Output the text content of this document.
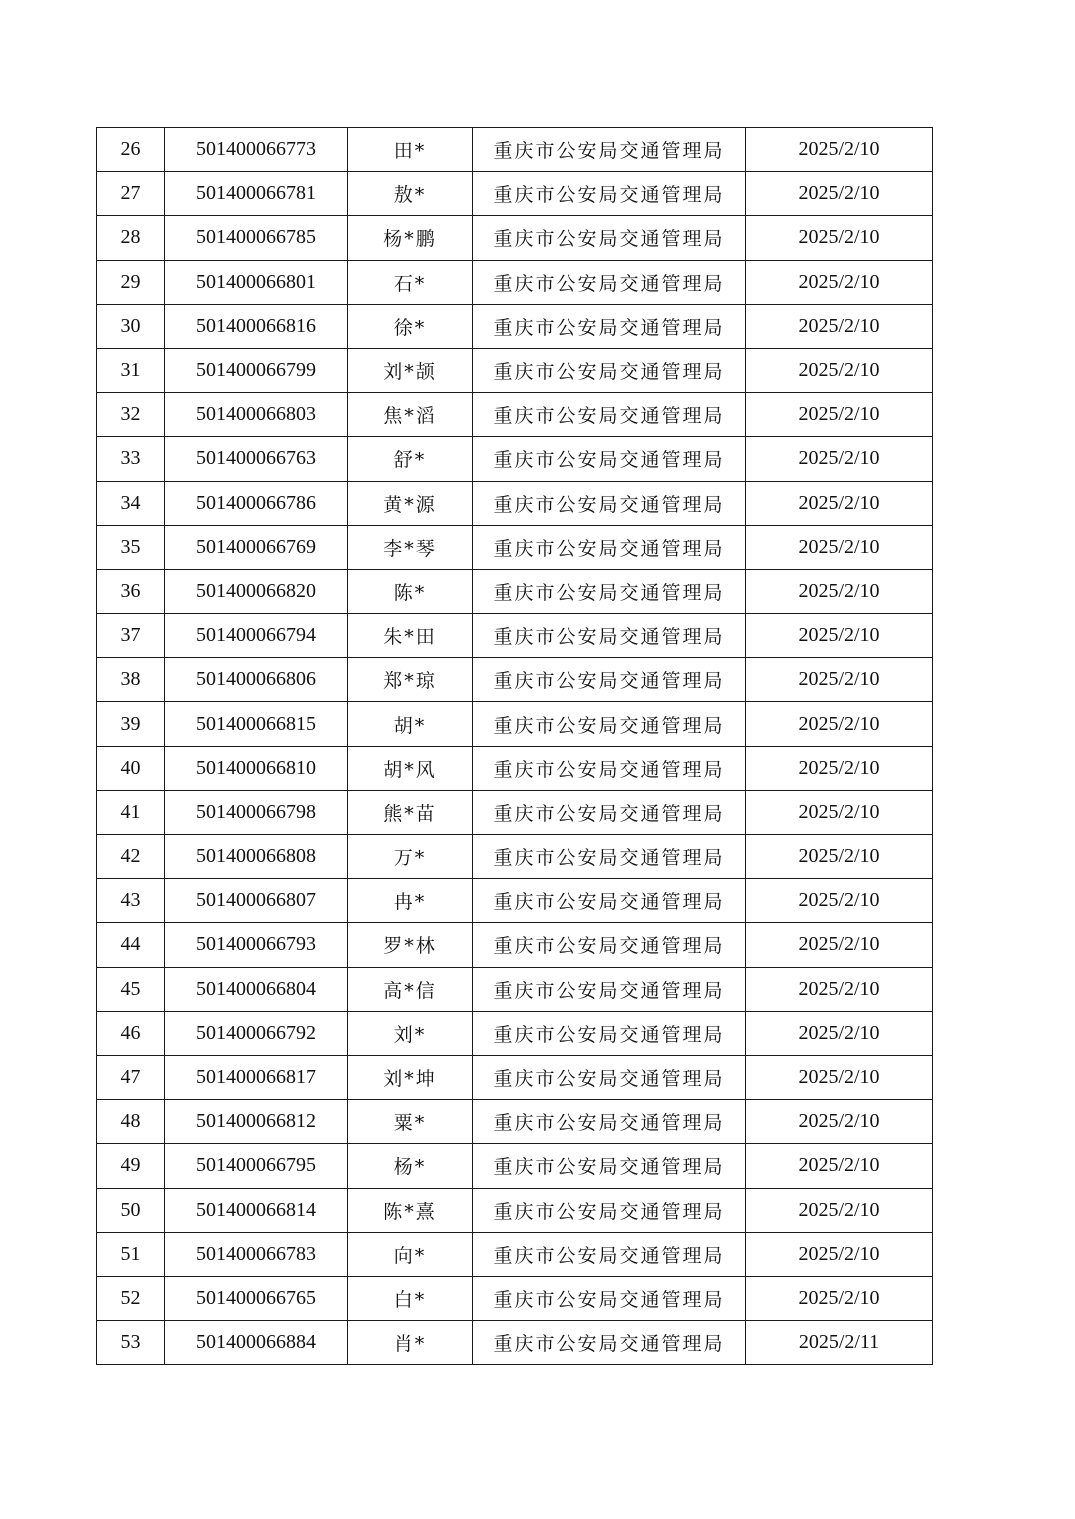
26	501400066773	田*	重庆市公安局交通管理局	2025/2/10
27	501400066781	敖*	重庆市公安局交通管理局	2025/2/10
28	501400066785	杨*鹏	重庆市公安局交通管理局	2025/2/10
29	501400066801	石*	重庆市公安局交通管理局	2025/2/10
30	501400066816	徐*	重庆市公安局交通管理局	2025/2/10
31	501400066799	刘*颉	重庆市公安局交通管理局	2025/2/10
32	501400066803	焦*滔	重庆市公安局交通管理局	2025/2/10
33	501400066763	舒*	重庆市公安局交通管理局	2025/2/10
34	501400066786	黄*源	重庆市公安局交通管理局	2025/2/10
35	501400066769	李*琴	重庆市公安局交通管理局	2025/2/10
36	501400066820	陈*	重庆市公安局交通管理局	2025/2/10
37	501400066794	朱*田	重庆市公安局交通管理局	2025/2/10
38	501400066806	郑*琼	重庆市公安局交通管理局	2025/2/10
39	501400066815	胡*	重庆市公安局交通管理局	2025/2/10
40	501400066810	胡*风	重庆市公安局交通管理局	2025/2/10
41	501400066798	熊*苗	重庆市公安局交通管理局	2025/2/10
42	501400066808	万*	重庆市公安局交通管理局	2025/2/10
43	501400066807	冉*	重庆市公安局交通管理局	2025/2/10
44	501400066793	罗*林	重庆市公安局交通管理局	2025/2/10
45	501400066804	高*信	重庆市公安局交通管理局	2025/2/10
46	501400066792	刘*	重庆市公安局交通管理局	2025/2/10
47	501400066817	刘*坤	重庆市公安局交通管理局	2025/2/10
48	501400066812	粟*	重庆市公安局交通管理局	2025/2/10
49	501400066795	杨*	重庆市公安局交通管理局	2025/2/10
50	501400066814	陈*熹	重庆市公安局交通管理局	2025/2/10
51	501400066783	向*	重庆市公安局交通管理局	2025/2/10
52	501400066765	白*	重庆市公安局交通管理局	2025/2/10
53	501400066884	肖*	重庆市公安局交通管理局	2025/2/11
